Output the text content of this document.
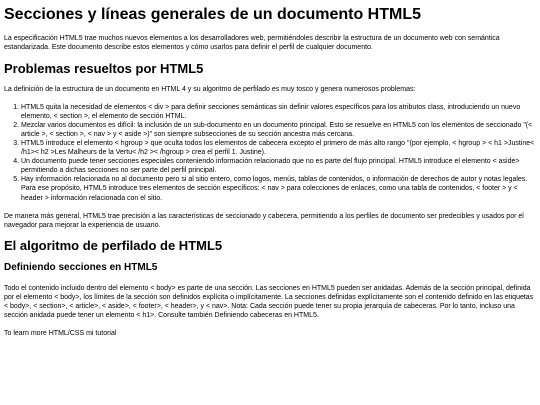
Secciones y líneas generales de un documento HTML5

La especificación HTML5 trae muchos nuevos elementos a los desarrolladores web, permitiéndoles describir la estructura de un documento web con semántica estandarizada. Este documento describe estos elementos y cómo usarlos para definir el perfil de cualquier documento.

Problemas resueltos por HTML5

La definición de la estructura de un documento en HTML 4 y su algoritmo de perfilado es muy tosco y genera numerosos problemas:

1. HTML5 quita la necesidad de elementos < div > para definir secciones semánticas sin definir valores específicos para los atributos class, introduciendo un nuevo elemento, < section >, el elemento de sección HTML.
2. Mezclar varios documentos es difícil: la inclusión de un sub-documento en un documento principal. Esto se resuelve en HTML5 con los elementos de seccionado "(< article >, < section >, < nav > y < aside >)" son siempre subsecciones de su sección ancestra más cercana.
3. HTML5 introduce el elemento < hgroup > que oculta todos los elementos de cabecera excepto el primero de más alto rango "(por ejemplo, < hgroup > < h1 >Justine< /h1>< h2 >Les Malheurs de la Vertu< /h2 >< /hgroup > crea el perfil 1. Justine).
4. Un documento puede tener secciones especiales conteniendo información relacionado que no es parte del flujo principal. HTML5 introduce el elemento < aside> permitiendo a dichas secciones no ser parte del perfil principal.
5. Hay información relacionada no al documento pero si al sitio entero, como logos, menús, tablas de contenidos, o información de derechos de autor y notas legales. Para ese propósito, HTML5 introduce tres elementos de sección específicos: < nav > para colecciones de enlaces, como una tabla de contenidos, < footer > y < header > información relacionada con el sitio.

De manera más general, HTML5 trae precisión a las características de seccionado y cabecera, permitiendo a los perfiles de documento ser predecibles y usados por el navegador para mejorar la experiencia de usuario.

El algoritmo de perfilado de HTML5
Definiendo secciones en HTML5

Todo el contenido incluido dentro del elemento < body> es parte de una sección. Las secciones en HTML5 pueden ser anidadas. Además de la sección principal, definida por el elemento < body>, los límites de la sección son definidos explícita o implícitamente. La secciones definidas explícitamente son el contenido definido en las etiquetas < body>, < section>, < article>, < aside>, < footer>, < header>, y < nav>. Nota: Cada sección puede tener su propia jerarquía de cabeceras. Por lo tanto, incluso una sección anidada puede tener un elemento < h1>. Consulte también Definiendo cabeceras en HTML5.

To learn more HTML/CSS mi tutorial
